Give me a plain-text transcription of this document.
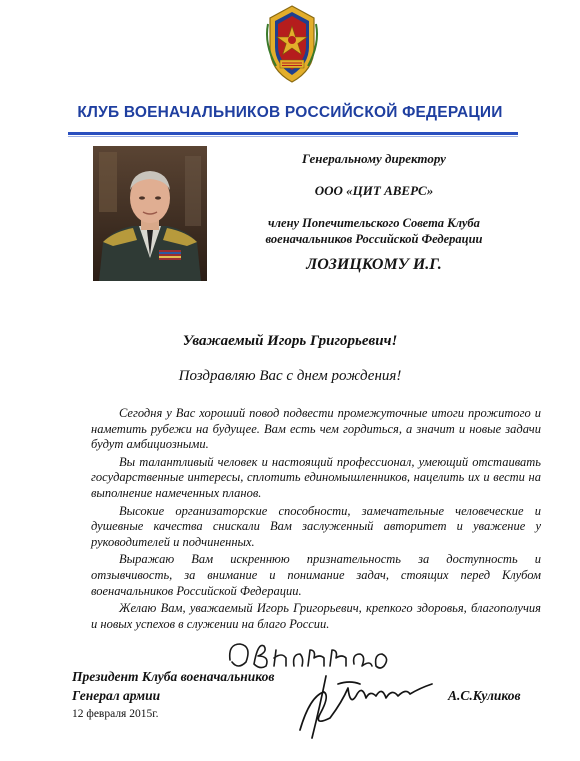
КЛУБ ВОЕНАЧАЛЬНИКОВ РОССИЙСКОЙ ФЕДЕРАЦИИ
Генеральному директору
ООО «ЦИТ АВЕРС»
члену Попечительского Совета Клуба
военачальников Российской Федерации
ЛОЗИЦКОМУ И.Г.
Уважаемый Игорь Григорьевич!
Поздравляю Вас с днем рождения!

Сегодня у Вас хороший повод подвести промежуточные итоги прожитого и наметить рубежи на будущее. Вам есть чем гордиться, а значит и новые задачи будут амбициозными.

Вы талантливый человек и настоящий профессионал, умеющий отстаивать государственные интересы, сплотить единомышленников, нацелить их и вести на выполнение намеченных планов.

Высокие организаторские способности, замечательные человеческие и душевные качества снискали Вам заслуженный авторитет и уважение у руководителей и подчиненных.

Выражаю Вам искреннюю признательность за доступность и отзывчивость, за внимание и понимание задач, стоящих перед Клубом военачальников Российской Федерации.

Желаю Вам, уважаемый Игорь Григорьевич, крепкого здоровья, благополучия и новых успехов в служении на благо России.

Президент Клуба военачальников
Генерал армии
12 февраля 2015г.
А.С.Куликов
